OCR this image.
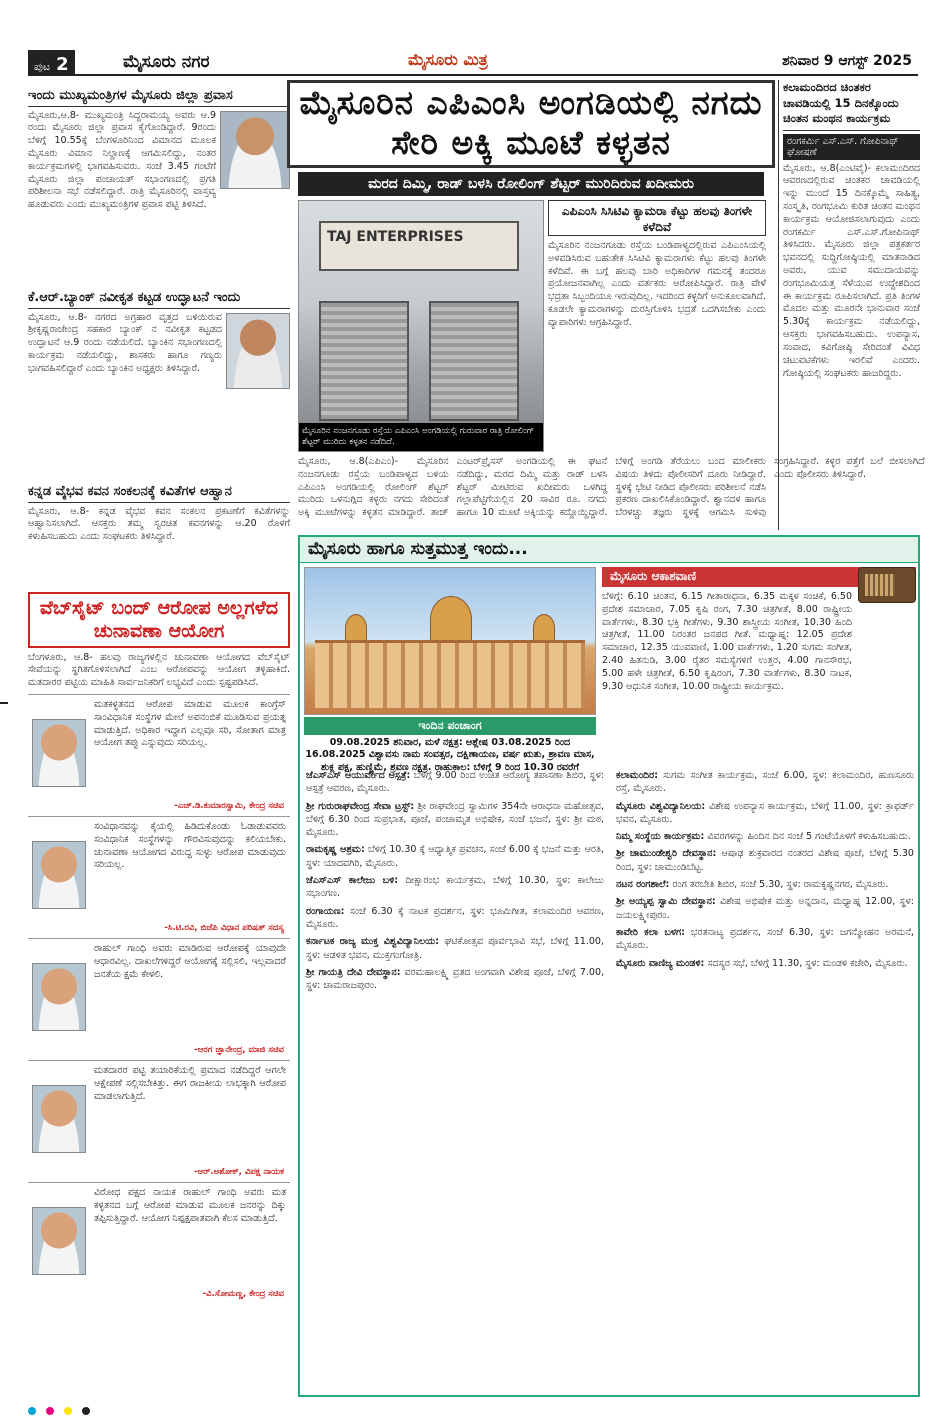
ಪುಟ 2	ಮೈಸೂರು ನಗರ	ಮೈಸೂರು ಮಿತ್ರ	ಶನಿವಾರ 9 ಆಗಸ್ಟ್ 2025
ಇಂದು ಮುಖ್ಯಮಂತ್ರಿಗಳ ಮೈಸೂರು ಜಿಲ್ಲಾ ಪ್ರವಾಸ
ಮೈಸೂರು,ಆ.8- ಮುಖ್ಯಮಂತ್ರಿ ಸಿದ್ದರಾಮಯ್ಯ ಅವರು ಆ.9 ರಂದು ಮೈಸೂರು ಜಿಲ್ಲಾ ಪ್ರವಾಸ ಕೈಗೊಂಡಿದ್ದಾರೆ. 9ರಂದು ಬೆಳಿಗ್ಗೆ 10.55ಕ್ಕೆ ಬೆಂಗಳೂರಿನಿಂದ ವಿಮಾನದ ಮೂಲಕ ಮೈಸೂರು ವಿಮಾನ ನಿಲ್ದಾಣಕ್ಕೆ ಆಗಮಿಸಲಿದ್ದು, ನಂತರ ಕಾರ್ಯಕ್ರಮಗಳಲ್ಲಿ ಭಾಗವಹಿಸುವರು. ಸಂಜೆ 3.45 ಗಂಟೆಗೆ ಮೈಸೂರು ಜಿಲ್ಲಾ ಪಂಚಾಯತ್ ಸಭಾಂಗಣದಲ್ಲಿ ಪ್ರಗತಿ ಪರಿಶೀಲನಾ ಸಭೆ ನಡೆಸಲಿದ್ದಾರೆ. ರಾತ್ರಿ ಮೈಸೂರಿನಲ್ಲಿ ವಾಸ್ತವ್ಯ ಹೂಡುವರು ಎಂದು ಮುಖ್ಯಮಂತ್ರಿಗಳ ಪ್ರವಾಸ ಪಟ್ಟಿ ತಿಳಿಸಿದೆ.
ಕೆ.ಆರ್.ಬ್ಯಾಂಕ್ ನವೀಕೃತ ಕಟ್ಟಡ ಉದ್ಘಾಟನೆ ಇಂದು
ಮೈಸೂರು, ಆ.8- ನಗರದ ಅಗ್ರಹಾರ ವೃತ್ತದ ಬಳಿಯಿರುವ ಶ್ರೀಕೃಷ್ಣರಾಜೇಂದ್ರ ಸಹಕಾರ ಬ್ಯಾಂಕ್ ನ ನವೀಕೃತ ಕಟ್ಟಡದ ಉದ್ಘಾಟನೆ ಆ.9 ರಂದು ನಡೆಯಲಿದೆ. ಬ್ಯಾಂಕಿನ ಸಭಾಂಗಣದಲ್ಲಿ ಕಾರ್ಯಕ್ರಮ ನಡೆಯಲಿದ್ದು, ಶಾಸಕರು ಹಾಗೂ ಗಣ್ಯರು ಭಾಗವಹಿಸಲಿದ್ದಾರೆ ಎಂದು ಬ್ಯಾಂಕಿನ ಅಧ್ಯಕ್ಷರು ತಿಳಿಸಿದ್ದಾರೆ.
ಕನ್ನಡ ವೈಭವ ಕವನ ಸಂಕಲನಕ್ಕೆ ಕವಿತೆಗಳ ಆಹ್ವಾನ
ಮೈಸೂರು, ಆ.8- ಕನ್ನಡ ವೈಭವ ಕವನ ಸಂಕಲನ ಪ್ರಕಟಣೆಗೆ ಕವಿತೆಗಳನ್ನು ಆಹ್ವಾನಿಸಲಾಗಿದೆ. ಆಸಕ್ತರು ತಮ್ಮ ಸ್ವರಚಿತ ಕವನಗಳನ್ನು ಆ.20 ರೊಳಗೆ ಕಳುಹಿಸಬಹುದು ಎಂದು ಸಂಘಟಕರು ತಿಳಿಸಿದ್ದಾರೆ.
ವೆಬ್‌ಸೈಟ್ ಬಂದ್ ಆರೋಪ ಅಲ್ಲಗಳೆದ ಚುನಾವಣಾ ಆಯೋಗ
ಬೆಂಗಳೂರು, ಆ.8- ಹಲವು ರಾಜ್ಯಗಳಲ್ಲಿನ ಚುನಾವಣಾ ಆಯೋಗದ ವೆಬ್‌ಸೈಟ್ ಸೇವೆಯನ್ನು ಸ್ಥಗಿತಗೊಳಿಸಲಾಗಿದೆ ಎಂಬ ಆರೋಪವನ್ನು ಆಯೋಗ ತಳ್ಳಿಹಾಕಿದೆ. ಮತದಾರರ ಪಟ್ಟಿಯ ಮಾಹಿತಿ ಸಾರ್ವಜನಿಕರಿಗೆ ಲಭ್ಯವಿದೆ ಎಂದು ಸ್ಪಷ್ಟಪಡಿಸಿದೆ.
ಮತಕಳ್ಳತನದ ಆರೋಪ ಮಾಡುವ ಮೂಲಕ ಕಾಂಗ್ರೆಸ್ ಸಾಂವಿಧಾನಿಕ ಸಂಸ್ಥೆಗಳ ಮೇಲೆ ಅಪನಂಬಿಕೆ ಮೂಡಿಸುವ ಪ್ರಯತ್ನ ಮಾಡುತ್ತಿದೆ. ಅಧಿಕಾರ ಇದ್ದಾಗ ಎಲ್ಲವೂ ಸರಿ, ಸೋತಾಗ ಮಾತ್ರ ಆಯೋಗ ತಪ್ಪು ಎನ್ನುವುದು ಸರಿಯಲ್ಲ.
-ಎಚ್.ಡಿ.ಕುಮಾರಸ್ವಾಮಿ, ಕೇಂದ್ರ ಸಚಿವ
ಸಂವಿಧಾನವನ್ನು ಕೈಯಲ್ಲಿ ಹಿಡಿದುಕೊಂಡು ಓಡಾಡುವವರು ಸಂವಿಧಾನಿಕ ಸಂಸ್ಥೆಗಳನ್ನು ಗೌರವಿಸುವುದನ್ನು ಕಲಿಯಬೇಕು. ಚುನಾವಣಾ ಆಯೋಗದ ವಿರುದ್ಧ ಸುಳ್ಳು ಆರೋಪ ಮಾಡುವುದು ಸರಿಯಲ್ಲ.
-ಸಿ.ಟಿ.ರವಿ, ಬಿಜೆಪಿ ವಿಧಾನ ಪರಿಷತ್ ಸದಸ್ಯ
ರಾಹುಲ್ ಗಾಂಧಿ ಅವರು ಮಾಡಿರುವ ಆರೋಪಕ್ಕೆ ಯಾವುದೇ ಆಧಾರವಿಲ್ಲ. ದಾಖಲೆಗಳಿದ್ದರೆ ಆಯೋಗಕ್ಕೆ ಸಲ್ಲಿಸಲಿ, ಇಲ್ಲವಾದರೆ ಜನತೆಯ ಕ್ಷಮೆ ಕೇಳಲಿ.
-ಆರಗ ಜ್ಞಾನೇಂದ್ರ, ಮಾಜಿ ಸಚಿವ
ಮತದಾರರ ಪಟ್ಟಿ ತಯಾರಿಕೆಯಲ್ಲಿ ಪ್ರಮಾದ ನಡೆದಿದ್ದರೆ ಆಗಲೇ ಆಕ್ಷೇಪಣೆ ಸಲ್ಲಿಸಬೇಕಿತ್ತು. ಈಗ ರಾಜಕೀಯ ಲಾಭಕ್ಕಾಗಿ ಆರೋಪ ಮಾಡಲಾಗುತ್ತಿದೆ.
-ಆರ್.ಅಶೋಕ್, ವಿಪಕ್ಷ ನಾಯಕ
ವಿರೋಧ ಪಕ್ಷದ ನಾಯಕ ರಾಹುಲ್ ಗಾಂಧಿ ಅವರು ಮತ ಕಳ್ಳತನದ ಬಗ್ಗೆ ಆರೋಪ ಮಾಡುವ ಮೂಲಕ ಜನರನ್ನು ದಿಕ್ಕು ತಪ್ಪಿಸುತ್ತಿದ್ದಾರೆ. ಆಯೋಗ ನಿಷ್ಪಕ್ಷಪಾತವಾಗಿ ಕೆಲಸ ಮಾಡುತ್ತಿದೆ.
-ವಿ.ಸೋಮಣ್ಣ, ಕೇಂದ್ರ ಸಚಿವ
ಮೈಸೂರಿನ ಎಪಿಎಂಸಿ ಅಂಗಡಿಯಲ್ಲಿ ನಗದು ಸೇರಿ ಅಕ್ಕಿ ಮೂಟೆ ಕಳ್ಳತನ
ಮರದ ದಿಮ್ಮಿ, ರಾಡ್ ಬಳಸಿ ರೋಲಿಂಗ್ ಶೆಟ್ಟರ್ ಮುರಿದಿರುವ ಖದೀಮರು
TAJ ENTERPRISES
ಮೈಸೂರಿನ ನಂಜನಗೂಡು ರಸ್ತೆಯ ಎಪಿಎಂಸಿ ಅಂಗಡಿಯಲ್ಲಿ ಗುರುವಾರ ರಾತ್ರಿ ರೋಲಿಂಗ್ ಶೆಟ್ಟರ್ ಮುರಿದು ಕಳ್ಳತನ ನಡೆದಿದೆ.
ಎಪಿಎಂಸಿ ಸಿಸಿಟಿವಿ ಕ್ಯಾಮರಾ ಕೆಟ್ಟು ಹಲವು ತಿಂಗಳೇ ಕಳೆದಿವೆ
ಮೈಸೂರಿನ ನಂಜನಗೂಡು ರಸ್ತೆಯ ಬಂಡಿಪಾಳ್ಯದಲ್ಲಿರುವ ಎಪಿಎಂಸಿಯಲ್ಲಿ ಅಳವಡಿಸಿರುವ ಬಹುತೇಕ ಸಿಸಿಟಿವಿ ಕ್ಯಾಮರಾಗಳು ಕೆಟ್ಟು ಹಲವು ತಿಂಗಳೇ ಕಳೆದಿವೆ. ಈ ಬಗ್ಗೆ ಹಲವು ಬಾರಿ ಅಧಿಕಾರಿಗಳ ಗಮನಕ್ಕೆ ತಂದರೂ ಪ್ರಯೋಜನವಾಗಿಲ್ಲ ಎಂದು ವರ್ತಕರು ಆರೋಪಿಸಿದ್ದಾರೆ. ರಾತ್ರಿ ವೇಳೆ ಭದ್ರತಾ ಸಿಬ್ಬಂದಿಯೂ ಇರುವುದಿಲ್ಲ. ಇದರಿಂದ ಕಳ್ಳರಿಗೆ ಅನುಕೂಲವಾಗಿದೆ. ಕೂಡಲೇ ಕ್ಯಾಮರಾಗಳನ್ನು ದುರಸ್ತಿಗೊಳಿಸಿ ಭದ್ರತೆ ಒದಗಿಸಬೇಕು ಎಂದು ವ್ಯಾಪಾರಿಗಳು ಆಗ್ರಹಿಸಿದ್ದಾರೆ.
ಮೈಸೂರು, ಆ.8(ಎಪಿಎಂ)- ಮೈಸೂರಿನ ನಂಜನಗೂಡು ರಸ್ತೆಯ ಬಂಡಿಪಾಳ್ಯದ ಬಳಿಯ ಎಪಿಎಂಸಿ ಅಂಗಡಿಯಲ್ಲಿ ರೋಲಿಂಗ್ ಶೆಟ್ಟರ್ ಮುರಿದು ಒಳನುಗ್ಗಿದ ಕಳ್ಳರು ನಗದು ಸೇರಿದಂತೆ ಅಕ್ಕಿ ಮೂಟೆಗಳನ್ನು ಕಳ್ಳತನ ಮಾಡಿದ್ದಾರೆ. ತಾಜ್ ಎಂಟರ್‌ಪ್ರೈಸಸ್ ಅಂಗಡಿಯಲ್ಲಿ ಈ ಘಟನೆ ನಡೆದಿದ್ದು, ಮರದ ದಿಮ್ಮಿ ಮತ್ತು ರಾಡ್ ಬಳಸಿ ಶೆಟ್ಟರ್ ಮೀಟಿರುವ ಖದೀಮರು ಒಳಗಿದ್ದ ಗಲ್ಲಾಪೆಟ್ಟಿಗೆಯಲ್ಲಿನ 20 ಸಾವಿರ ರೂ. ನಗದು ಹಾಗೂ 10 ಮೂಟೆ ಅಕ್ಕಿಯನ್ನು ಕದ್ದೊಯ್ದಿದ್ದಾರೆ. ಬೆಳಿಗ್ಗೆ ಅಂಗಡಿ ತೆರೆಯಲು ಬಂದ ಮಾಲೀಕರು ವಿಷಯ ತಿಳಿದು ಪೊಲೀಸರಿಗೆ ದೂರು ನೀಡಿದ್ದಾರೆ. ಸ್ಥಳಕ್ಕೆ ಭೇಟಿ ನೀಡಿದ ಪೊಲೀಸರು ಪರಿಶೀಲನೆ ನಡೆಸಿ ಪ್ರಕರಣ ದಾಖಲಿಸಿಕೊಂಡಿದ್ದಾರೆ. ಶ್ವಾನದಳ ಹಾಗೂ ಬೆರಳಚ್ಚು ತಜ್ಞರು ಸ್ಥಳಕ್ಕೆ ಆಗಮಿಸಿ ಸುಳಿವು ಸಂಗ್ರಹಿಸಿದ್ದಾರೆ. ಕಳ್ಳರ ಪತ್ತೆಗೆ ಬಲೆ ಬೀಸಲಾಗಿದೆ ಎಂದು ಪೊಲೀಸರು ತಿಳಿಸಿದ್ದಾರೆ.
ಕಲಾಮಂದಿರದ ಚಿಂತಕರ ಚಾವಡಿಯಲ್ಲಿ 15 ದಿನಕ್ಕೊಂದು ಚಿಂತನ ಮಂಥನ ಕಾರ್ಯಕ್ರಮ
ರಂಗಕರ್ಮಿ ಎಸ್.ಎಸ್. ಗೋಪಿನಾಥ್ ಘೋಷಣೆ
ಮೈಸೂರು, ಆ.8(ಎಂಟಿವೈ)- ಕಲಾಮಂದಿರದ ಆವರಣದಲ್ಲಿರುವ ಚಿಂತಕರ ಚಾವಡಿಯಲ್ಲಿ ಇನ್ನು ಮುಂದೆ 15 ದಿನಕ್ಕೊಮ್ಮೆ ಸಾಹಿತ್ಯ, ಸಂಸ್ಕೃತಿ, ರಂಗಭೂಮಿ ಕುರಿತ ಚಿಂತನ ಮಂಥನ ಕಾರ್ಯಕ್ರಮ ಆಯೋಜಿಸಲಾಗುವುದು ಎಂದು ರಂಗಕರ್ಮಿ ಎಸ್.ಎಸ್.ಗೋಪಿನಾಥ್ ತಿಳಿಸಿದರು. ಮೈಸೂರು ಜಿಲ್ಲಾ ಪತ್ರಕರ್ತರ ಭವನದಲ್ಲಿ ಸುದ್ದಿಗೋಷ್ಠಿಯಲ್ಲಿ ಮಾತನಾಡಿದ ಅವರು, ಯುವ ಸಮುದಾಯವನ್ನು ರಂಗಭೂಮಿಯತ್ತ ಸೆಳೆಯುವ ಉದ್ದೇಶದಿಂದ ಈ ಕಾರ್ಯಕ್ರಮ ರೂಪಿಸಲಾಗಿದೆ. ಪ್ರತಿ ತಿಂಗಳ ಮೊದಲ ಮತ್ತು ಮೂರನೇ ಭಾನುವಾರ ಸಂಜೆ 5.30ಕ್ಕೆ ಕಾರ್ಯಕ್ರಮ ನಡೆಯಲಿದ್ದು, ಆಸಕ್ತರು ಭಾಗವಹಿಸಬಹುದು. ಉಪನ್ಯಾಸ, ಸಂವಾದ, ಕವಿಗೋಷ್ಠಿ ಸೇರಿದಂತೆ ವಿವಿಧ ಚಟುವಟಿಕೆಗಳು ಇರಲಿವೆ ಎಂದರು. ಗೋಷ್ಠಿಯಲ್ಲಿ ಸಂಘಟಕರು ಹಾಜರಿದ್ದರು.
ಮೈಸೂರು ಹಾಗೂ ಸುತ್ತಮುತ್ತ ಇಂದು...
ಇಂದಿನ ಪಂಚಾಂಗ
09.08.2025 ಶನಿವಾರ, ಮಳೆ ನಕ್ಷತ್ರ: ಆಶ್ಲೇಷ 03.08.2025 ರಿಂದ 16.08.2025 ವಿಶ್ವಾವಸು ನಾಮ ಸಂವತ್ಸರ, ದಕ್ಷಿಣಾಯಣ, ವರ್ಷ ಋತು, ಶ್ರಾವಣ ಮಾಸ, ಶುಕ್ಲ ಪಕ್ಷ, ಹುಣ್ಣಿಮೆ, ಶ್ರವಣ ನಕ್ಷತ್ರ. ರಾಹುಕಾಲ: ಬೆಳಿಗ್ಗೆ 9 ರಿಂದ 10.30 ರವರೆಗೆ
ಮೈಸೂರು ಆಕಾಶವಾಣಿ
ಬೆಳಿಗ್ಗೆ: 6.10 ಚಿಂತನ, 6.15 ಗೀತಾರಾಧನಾ, 6.35 ಮಕ್ಕಳ ಸಂಚಿಕೆ, 6.50 ಪ್ರದೇಶ ಸಮಾಚಾರ, 7.05 ಕೃಷಿ ರಂಗ, 7.30 ಚಿತ್ರಗೀತೆ, 8.00 ರಾಷ್ಟ್ರೀಯ ವಾರ್ತೆಗಳು, 8.30 ಭಕ್ತಿ ಗೀತೆಗಳು, 9.30 ಶಾಸ್ತ್ರೀಯ ಸಂಗೀತ, 10.30 ಹಿಂದಿ ಚಿತ್ರಗೀತೆ, 11.00 ನಿರಂತರ ಜನಪದ ಗೀತೆ. ಮಧ್ಯಾಹ್ನ: 12.05 ಪ್ರದೇಶ ಸಮಾಚಾರ, 12.35 ಯುವವಾಣಿ, 1.00 ವಾರ್ತೆಗಳು, 1.20 ಸುಗಮ ಸಂಗೀತ, 2.40 ಹಿತನುಡಿ, 3.00 ರೈತರ ಸಮಸ್ಯೆಗಳಿಗೆ ಉತ್ತರ, 4.00 ಗಾನಸೌರಭ, 5.00 ಹಳೇ ಚಿತ್ರಗೀತೆ, 6.50 ಕೃಷಿರಂಗ, 7.30 ವಾರ್ತೆಗಳು, 8.30 ನಾಟಕ, 9.30 ಆಧುನಿಕ ಸಂಗೀತ, 10.00 ರಾಷ್ಟ್ರೀಯ ಕಾರ್ಯಕ್ರಮ.
ಜೆಎಸ್‌ಎಸ್ ಆಯುರ್ವೇದ ಆಸ್ಪತ್ರೆ: ಬೆಳಿಗ್ಗೆ 9.00 ರಿಂದ ಉಚಿತ ಆರೋಗ್ಯ ತಪಾಸಣಾ ಶಿಬಿರ, ಸ್ಥಳ: ಆಸ್ಪತ್ರೆ ಆವರಣ, ಮೈಸೂರು.
ಶ್ರೀ ಗುರುರಾಘವೇಂದ್ರ ಸೇವಾ ಟ್ರಸ್ಟ್: ಶ್ರೀ ರಾಘವೇಂದ್ರ ಸ್ವಾಮಿಗಳ 354ನೇ ಆರಾಧನಾ ಮಹೋತ್ಸವ, ಬೆಳಿಗ್ಗೆ 6.30 ರಿಂದ ಸುಪ್ರಭಾತ, ಪೂಜೆ, ಪಂಚಾಮೃತ ಅಭಿಷೇಕ, ಸಂಜೆ ಭಜನೆ, ಸ್ಥಳ: ಶ್ರೀ ಮಠ, ಮೈಸೂರು.
ರಾಮಕೃಷ್ಣ ಆಶ್ರಮ: ಬೆಳಿಗ್ಗೆ 10.30 ಕ್ಕೆ ಆಧ್ಯಾತ್ಮಿಕ ಪ್ರವಚನ, ಸಂಜೆ 6.00 ಕ್ಕೆ ಭಜನೆ ಮತ್ತು ಆರತಿ, ಸ್ಥಳ: ಯಾದವಗಿರಿ, ಮೈಸೂರು.
ಜೆಎಸ್‌ಎಸ್ ಕಾಲೇಜು ಬಳಿ: ದೀಕ್ಷಾರಂಭ ಕಾರ್ಯಕ್ರಮ, ಬೆಳಿಗ್ಗೆ 10.30, ಸ್ಥಳ: ಕಾಲೇಜು ಸಭಾಂಗಣ.
ರಂಗಾಯಣ: ಸಂಜೆ 6.30 ಕ್ಕೆ ನಾಟಕ ಪ್ರದರ್ಶನ, ಸ್ಥಳ: ಭೂಮಿಗೀತ, ಕಲಾಮಂದಿರ ಆವರಣ, ಮೈಸೂರು.
ಕರ್ನಾಟಕ ರಾಜ್ಯ ಮುಕ್ತ ವಿಶ್ವವಿದ್ಯಾನಿಲಯ: ಘಟಿಕೋತ್ಸವ ಪೂರ್ವಭಾವಿ ಸಭೆ, ಬೆಳಿಗ್ಗೆ 11.00, ಸ್ಥಳ: ಆಡಳಿತ ಭವನ, ಮುಕ್ತಗಂಗೋತ್ರಿ.
ಶ್ರೀ ಗಾಯತ್ರಿ ದೇವಿ ದೇವಸ್ಥಾನ: ವರಮಹಾಲಕ್ಷ್ಮಿ ವ್ರತದ ಅಂಗವಾಗಿ ವಿಶೇಷ ಪೂಜೆ, ಬೆಳಿಗ್ಗೆ 7.00, ಸ್ಥಳ: ಚಾಮರಾಜಪುರಂ.
ಕಲಾಮಂದಿರ: ಸುಗಮ ಸಂಗೀತ ಕಾರ್ಯಕ್ರಮ, ಸಂಜೆ 6.00, ಸ್ಥಳ: ಕಲಾಮಂದಿರ, ಹುಣಸೂರು ರಸ್ತೆ, ಮೈಸೂರು.
ಮೈಸೂರು ವಿಶ್ವವಿದ್ಯಾನಿಲಯ: ವಿಶೇಷ ಉಪನ್ಯಾಸ ಕಾರ್ಯಕ್ರಮ, ಬೆಳಿಗ್ಗೆ 11.00, ಸ್ಥಳ: ಕ್ರಾಫರ್ಡ್ ಭವನ, ಮೈಸೂರು.
ನಿಮ್ಮ ಸಂಸ್ಥೆಯ ಕಾರ್ಯಕ್ರಮ: ವಿವರಗಳನ್ನು ಹಿಂದಿನ ದಿನ ಸಂಜೆ 5 ಗಂಟೆಯೊಳಗೆ ಕಳುಹಿಸಬಹುದು.
ಶ್ರೀ ಚಾಮುಂಡೇಶ್ವರಿ ದೇವಸ್ಥಾನ: ಆಷಾಢ ಶುಕ್ರವಾರದ ನಂತರದ ವಿಶೇಷ ಪೂಜೆ, ಬೆಳಿಗ್ಗೆ 5.30 ರಿಂದ, ಸ್ಥಳ: ಚಾಮುಂಡಿಬೆಟ್ಟ.
ನಟನ ರಂಗಶಾಲೆ: ರಂಗ ತರಬೇತಿ ಶಿಬಿರ, ಸಂಜೆ 5.30, ಸ್ಥಳ: ರಾಮಕೃಷ್ಣನಗರ, ಮೈಸೂರು.
ಶ್ರೀ ಅಯ್ಯಪ್ಪ ಸ್ವಾಮಿ ದೇವಸ್ಥಾನ: ವಿಶೇಷ ಅಭಿಷೇಕ ಮತ್ತು ಅನ್ನದಾನ, ಮಧ್ಯಾಹ್ನ 12.00, ಸ್ಥಳ: ಜಯಲಕ್ಷ್ಮೀಪುರಂ.
ಕಾವೇರಿ ಕಲಾ ಬಳಗ: ಭರತನಾಟ್ಯ ಪ್ರದರ್ಶನ, ಸಂಜೆ 6.30, ಸ್ಥಳ: ಜಗನ್ಮೋಹನ ಅರಮನೆ, ಮೈಸೂರು.
ಮೈಸೂರು ವಾಣಿಜ್ಯ ಮಂಡಳಿ: ಸದಸ್ಯರ ಸಭೆ, ಬೆಳಿಗ್ಗೆ 11.30, ಸ್ಥಳ: ಮಂಡಳಿ ಕಚೇರಿ, ಮೈಸೂರು.
